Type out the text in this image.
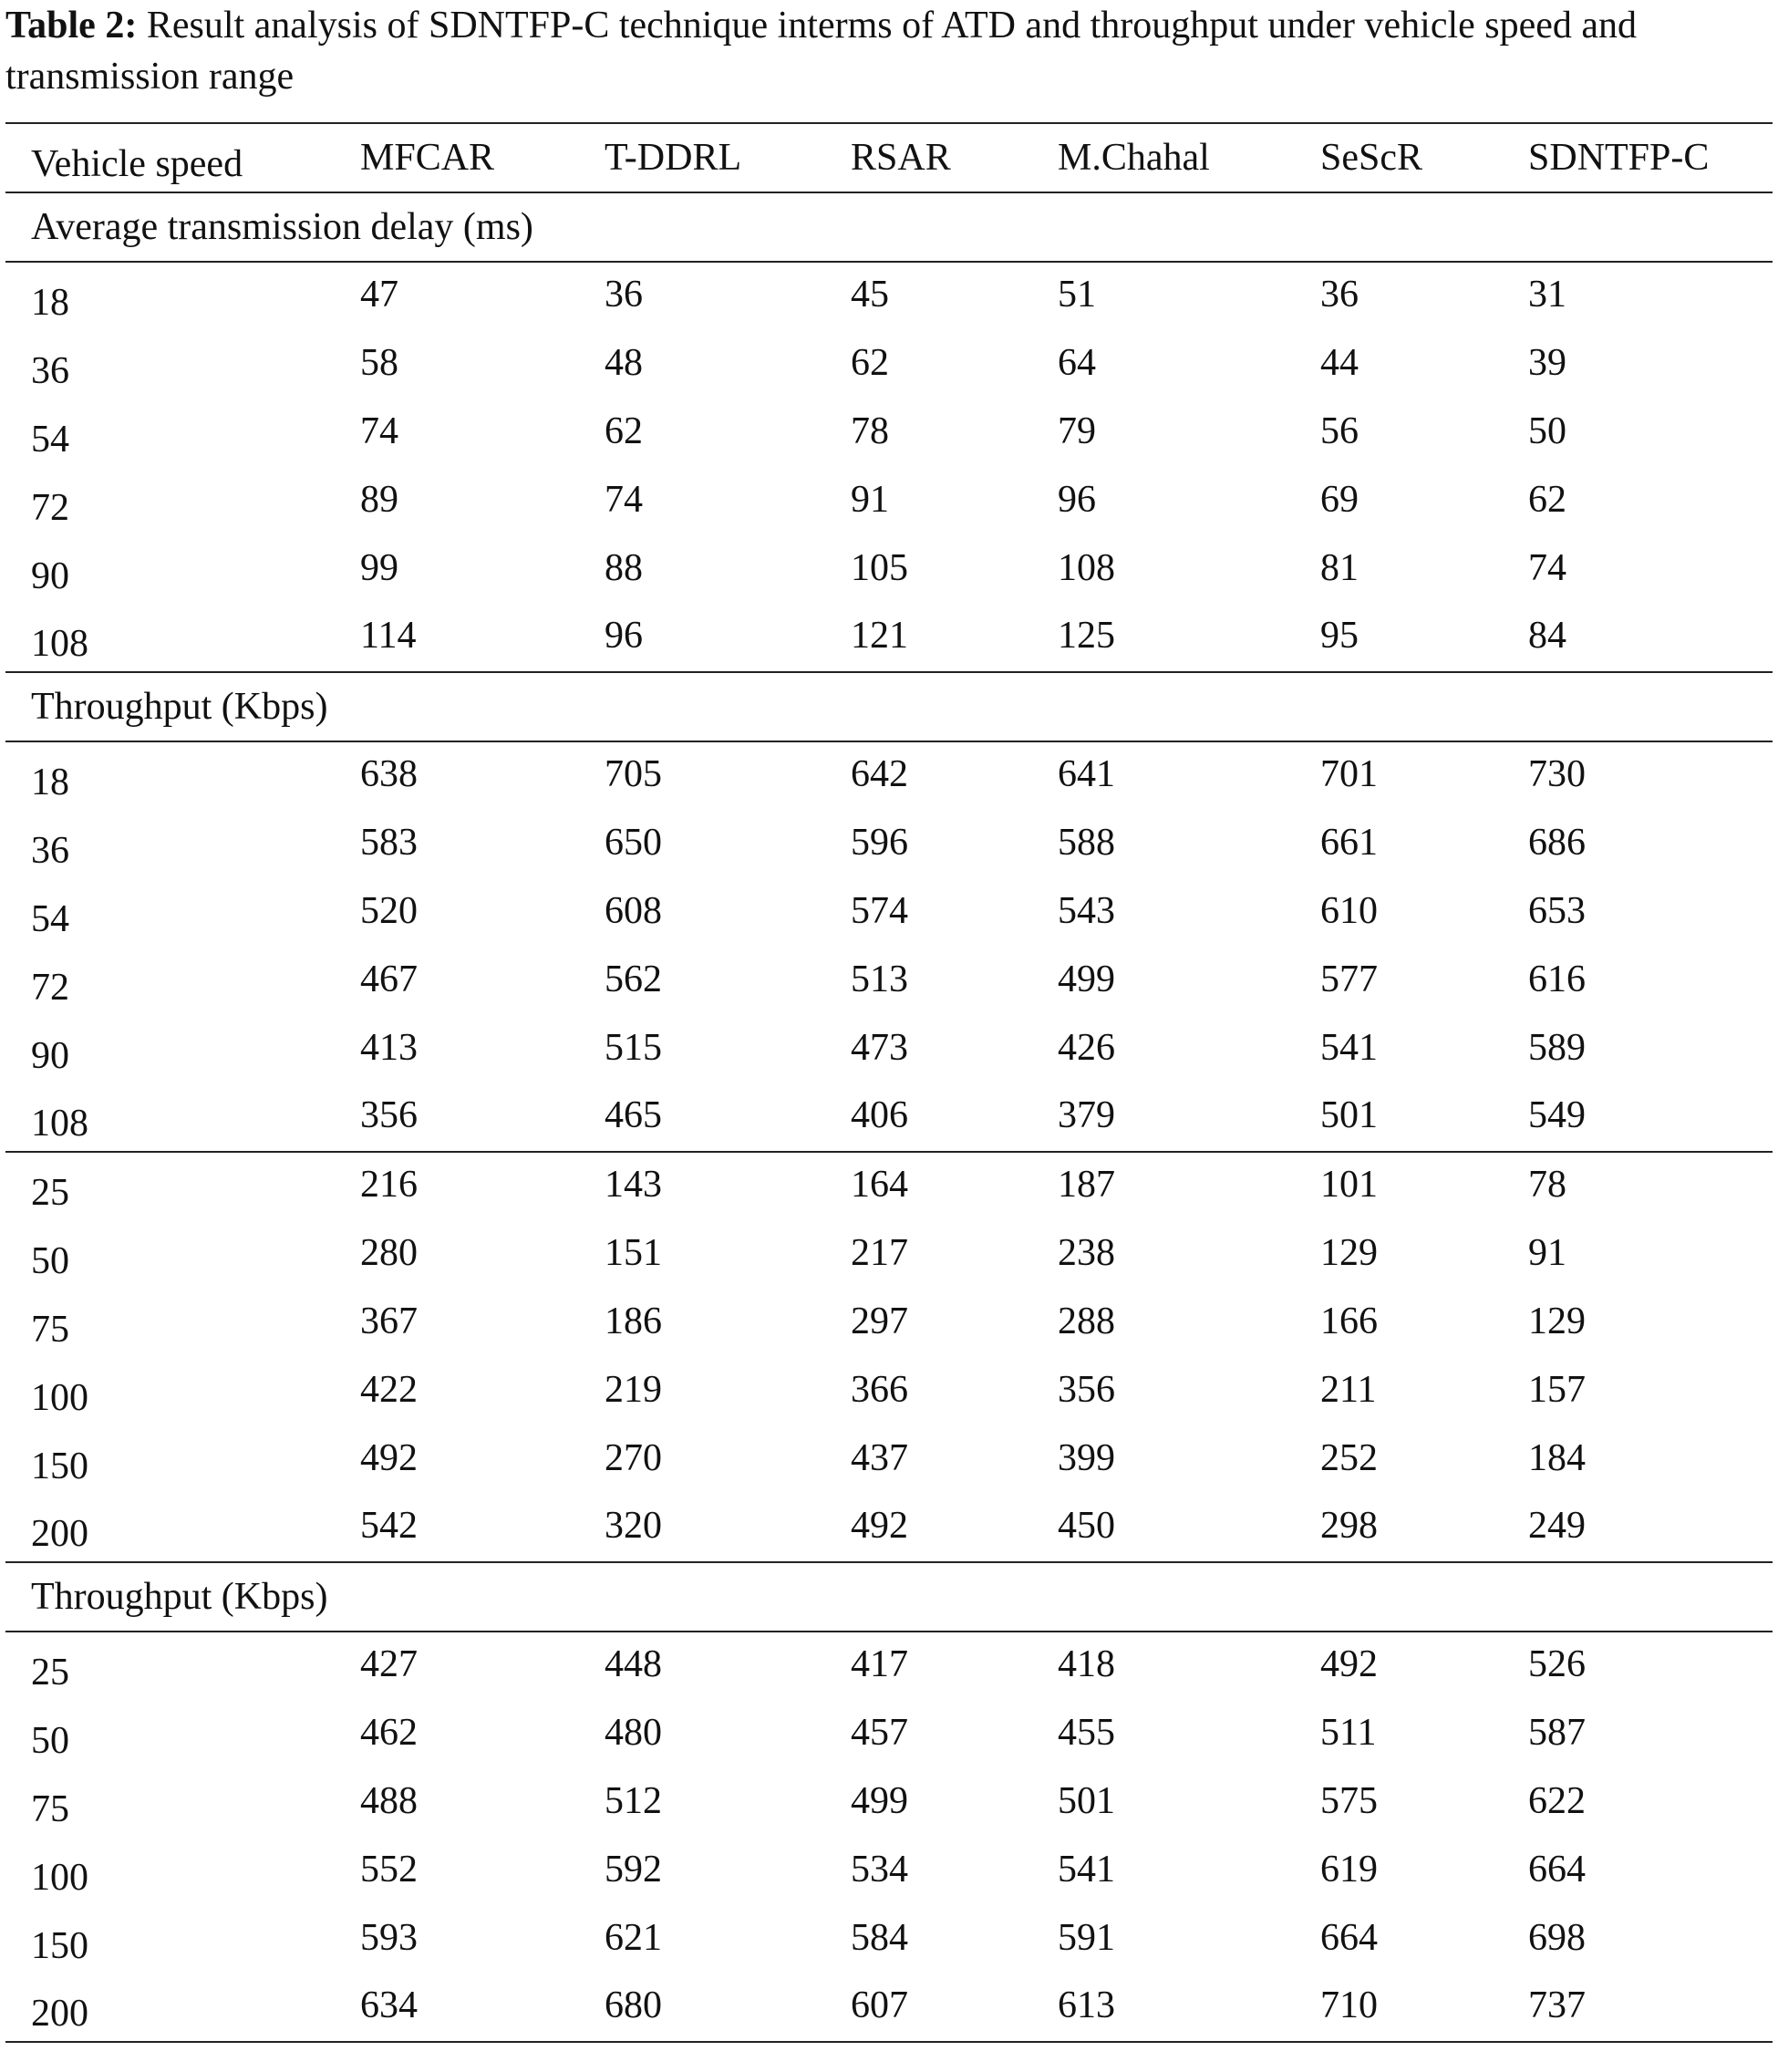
Table 2: Result analysis of SDNTFP-C technique interms of ATD and throughput under vehicle speed and transmission range
Vehicle speed	MFCAR	T-DDRL	RSAR	M.Chahal	SeScR	SDNTFP-C
Average transmission delay (ms)						
18	47	36	45	51	36	31
36	58	48	62	64	44	39
54	74	62	78	79	56	50
72	89	74	91	96	69	62
90	99	88	105	108	81	74
108	114	96	121	125	95	84
Throughput (Kbps)						
18	638	705	642	641	701	730
36	583	650	596	588	661	686
54	520	608	574	543	610	653
72	467	562	513	499	577	616
90	413	515	473	426	541	589
108	356	465	406	379	501	549
25	216	143	164	187	101	78
50	280	151	217	238	129	91
75	367	186	297	288	166	129
100	422	219	366	356	211	157
150	492	270	437	399	252	184
200	542	320	492	450	298	249
Throughput (Kbps)						
25	427	448	417	418	492	526
50	462	480	457	455	511	587
75	488	512	499	501	575	622
100	552	592	534	541	619	664
150	593	621	584	591	664	698
200	634	680	607	613	710	737
